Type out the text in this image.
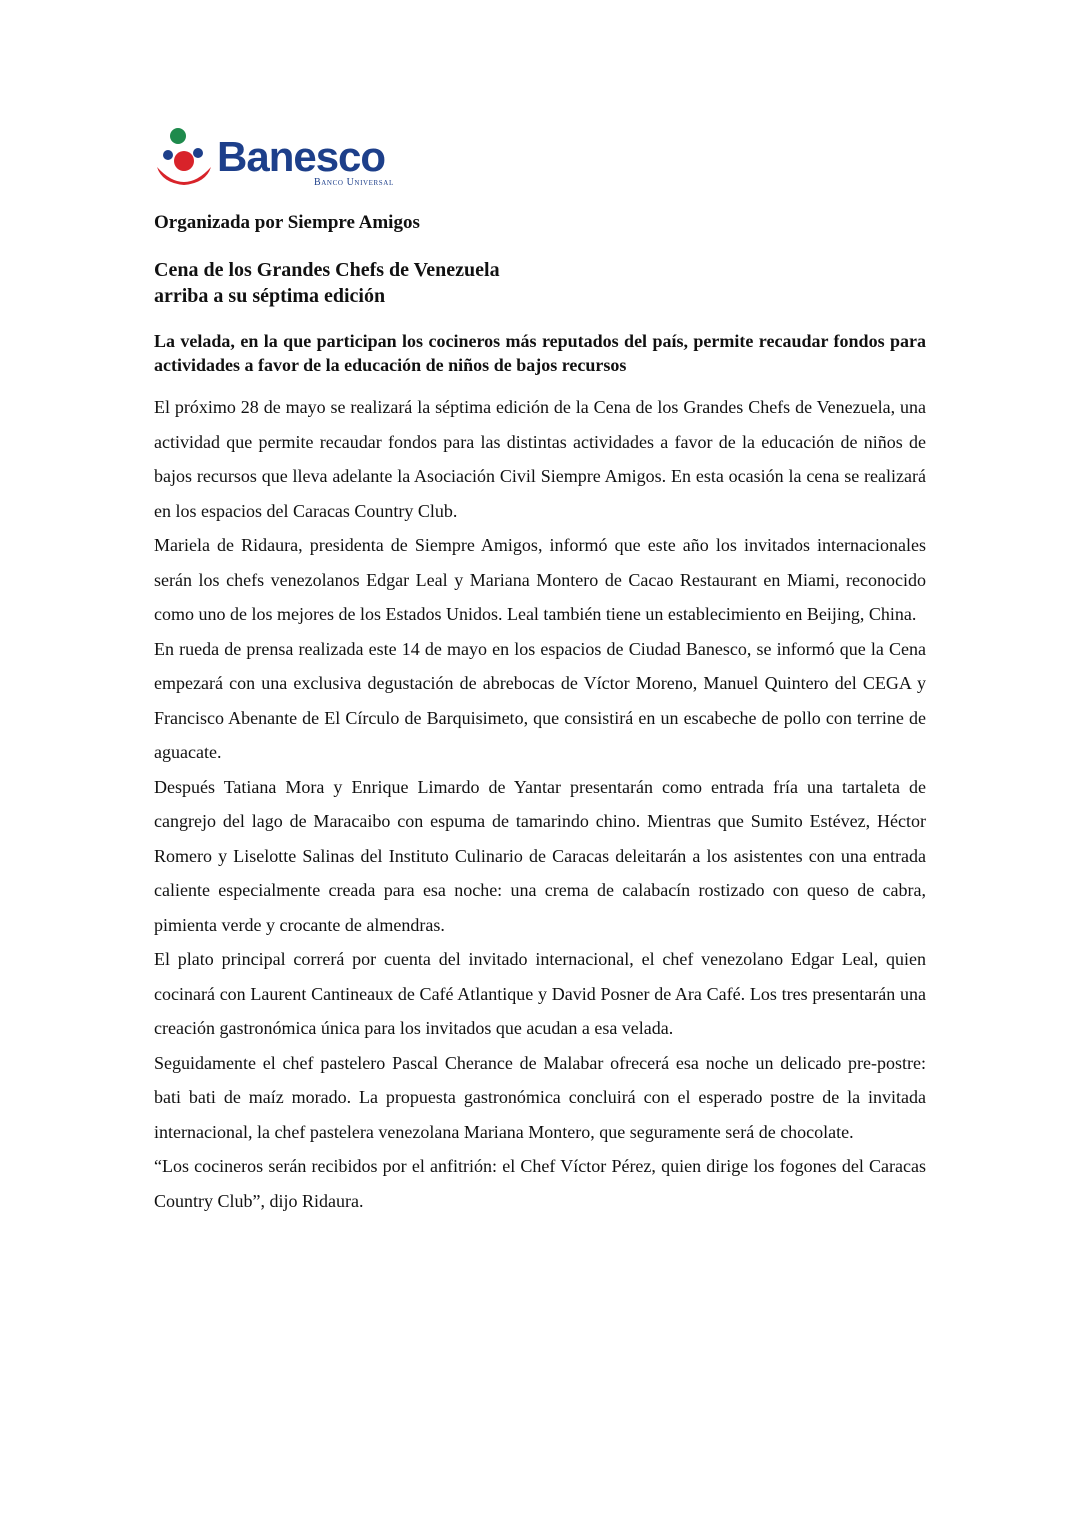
Banesco
Banco Universal
Organizada por Siempre Amigos
Cena de los Grandes Chefs de Venezuela
arriba a su séptima edición
La velada, en la que participan los cocineros más reputados del país, permite recaudar fondos para actividades a favor de la educación de niños de bajos recursos

El próximo 28 de mayo se realizará la séptima edición de la Cena de los Grandes Chefs de Venezuela, una actividad que permite recaudar fondos para las distintas actividades a favor de la educación de niños de bajos recursos que lleva adelante la Asociación Civil Siempre Amigos. En esta ocasión la cena se realizará en los espacios del Caracas Country Club.

Mariela de Ridaura, presidenta de Siempre Amigos, informó que este año los invitados internacionales serán los chefs venezolanos Edgar Leal y Mariana Montero de Cacao Restaurant en Miami, reconocido como uno de los mejores de los Estados Unidos. Leal también tiene un establecimiento en Beijing, China.

En rueda de prensa realizada este 14 de mayo en los espacios de Ciudad Banesco, se informó que la Cena empezará con una exclusiva degustación de abrebocas de Víctor Moreno, Manuel Quintero del CEGA y Francisco Abenante de El Círculo de Barquisimeto, que consistirá en un escabeche de pollo con terrine de aguacate.

Después Tatiana Mora y Enrique Limardo de Yantar presentarán como entrada fría una tartaleta de cangrejo del lago de Maracaibo con espuma de tamarindo chino. Mientras que Sumito Estévez, Héctor Romero y Liselotte Salinas del Instituto Culinario de Caracas deleitarán a los asistentes con una entrada caliente especialmente creada para esa noche: una crema de calabacín rostizado con queso de cabra, pimienta verde y crocante de almendras.

El plato principal correrá por cuenta del invitado internacional, el chef venezolano Edgar Leal, quien cocinará con Laurent Cantineaux de Café Atlantique y David Posner de Ara Café. Los tres presentarán una creación gastronómica única para los invitados que acudan a esa velada.

Seguidamente el chef pastelero Pascal Cherance de Malabar ofrecerá esa noche un delicado pre-postre: bati bati de maíz morado. La propuesta gastronómica concluirá con el esperado postre de la invitada internacional, la chef pastelera venezolana Mariana Montero, que seguramente será de chocolate.

“Los cocineros serán recibidos por el anfitrión: el Chef Víctor Pérez, quien dirige los fogones del Caracas Country Club”, dijo Ridaura.
